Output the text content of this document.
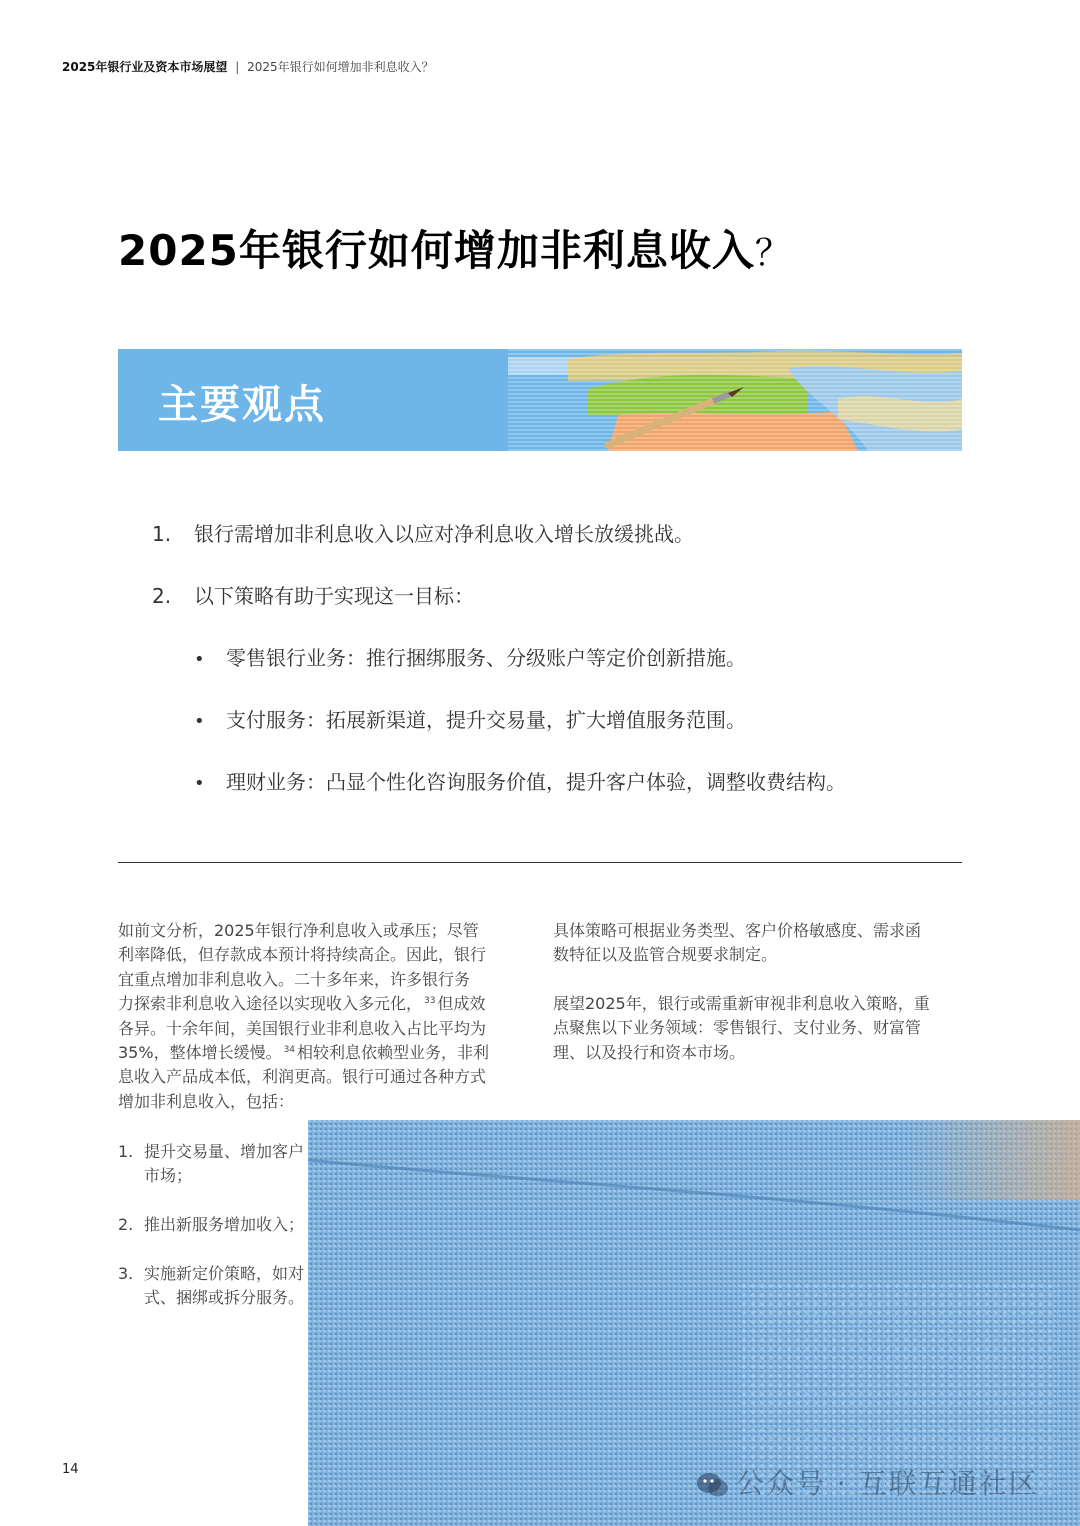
2025年银行业及资本市场展望 | 2025年银行如何增加非利息收入？
2025年银行如何增加非利息收入？
主要观点
1. 银行需增加非利息收入以应对净利息收入增长放缓挑战。
2. 以下策略有助于实现这一目标：
• 零售银行业务：推行捆绑服务、分级账户等定价创新措施。
• 支付服务：拓展新渠道，提升交易量，扩大增值服务范围。
• 理财业务：凸显个性化咨询服务价值，提升客户体验，调整收费结构。

如前文分析，2025年银行净利息收入或承压；尽管

利率降低，但存款成本预计将持续高企。因此，银行

宜重点增加非利息收入。二十多年来，许多银行务

力探索非利息收入途径以实现收入多元化， $^{33}$ 但成效

各异。十余年间，美国银行业非利息收入占比平均为

35%，整体增长缓慢。 $^{34}$ 相较利息依赖型业务，非利

息收入产品成本低，利润更高。银行可通过各种方式

增加非利息收入，包括：

1. 提升交易量、增加客户
市场；
2. 推出新服务增加收入；
3. 实施新定价策略，如对
式、捆绑或拆分服务。

具体策略可根据业务类型、客户价格敏感度、需求函

数特征以及监管合规要求制定。

展望2025年，银行或需重新审视非利息收入策略，重

点聚焦以下业务领域：零售银行、支付业务、财富管

理、以及投行和资本市场。

14	公众号 · 互联互通社区
